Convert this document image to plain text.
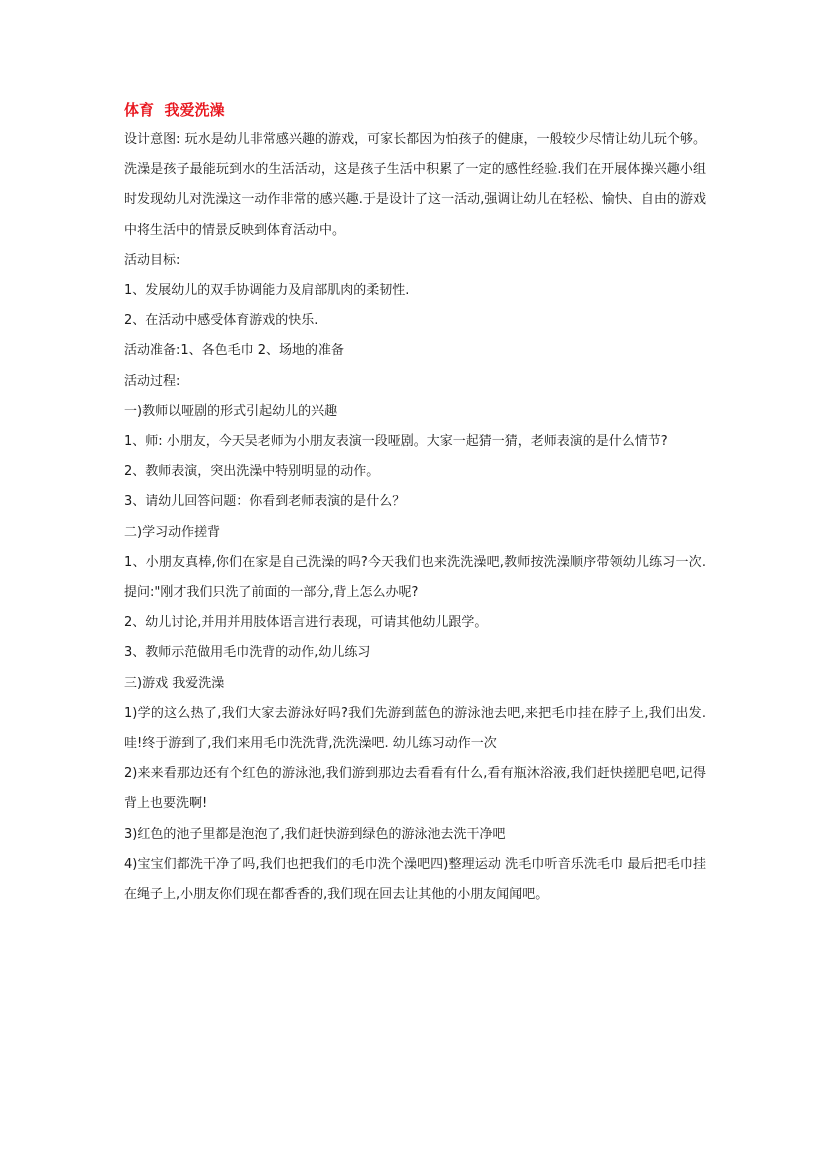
体育  我爱洗澡

设计意图: 玩水是幼儿非常感兴趣的游戏，可家长都因为怕孩子的健康，一般较少尽情让幼儿玩个够。洗澡是孩子最能玩到水的生活活动，这是孩子生活中积累了一定的感性经验.我们在开展体操兴趣小组时发现幼儿对洗澡这一动作非常的感兴趣.于是设计了这一活动,强调让幼儿在轻松、愉快、自由的游戏中将生活中的情景反映到体育活动中。

活动目标:

1、发展幼儿的双手协调能力及肩部肌肉的柔韧性.

2、在活动中感受体育游戏的快乐.

活动准备:1、各色毛巾 2、场地的准备

活动过程:

一)教师以哑剧的形式引起幼儿的兴趣

1、师: 小朋友，今天吴老师为小朋友表演一段哑剧。大家一起猜一猜，老师表演的是什么情节?

2、教师表演，突出洗澡中特别明显的动作。

3、请幼儿回答问题：你看到老师表演的是什么？

二)学习动作搓背

1、小朋友真棒,你们在家是自己洗澡的吗?今天我们也来洗洗澡吧,教师按洗澡顺序带领幼儿练习一次.提问:"刚才我们只洗了前面的一部分,背上怎么办呢?

2、幼儿讨论,并用并用肢体语言进行表现，可请其他幼儿跟学。

3、教师示范做用毛巾洗背的动作,幼儿练习

三)游戏 我爱洗澡

1)学的这么热了,我们大家去游泳好吗?我们先游到蓝色的游泳池去吧,来把毛巾挂在脖子上,我们出发.哇!终于游到了,我们来用毛巾洗洗背,洗洗澡吧. 幼儿练习动作一次

2)来来看那边还有个红色的游泳池,我们游到那边去看看有什么,看有瓶沐浴液,我们赶快搓肥皂吧,记得背上也要洗啊!

3)红色的池子里都是泡泡了,我们赶快游到绿色的游泳池去洗干净吧

4)宝宝们都洗干净了吗,我们也把我们的毛巾洗个澡吧四)整理运动 洗毛巾听音乐洗毛巾 最后把毛巾挂在绳子上,小朋友你们现在都香香的,我们现在回去让其他的小朋友闻闻吧。
